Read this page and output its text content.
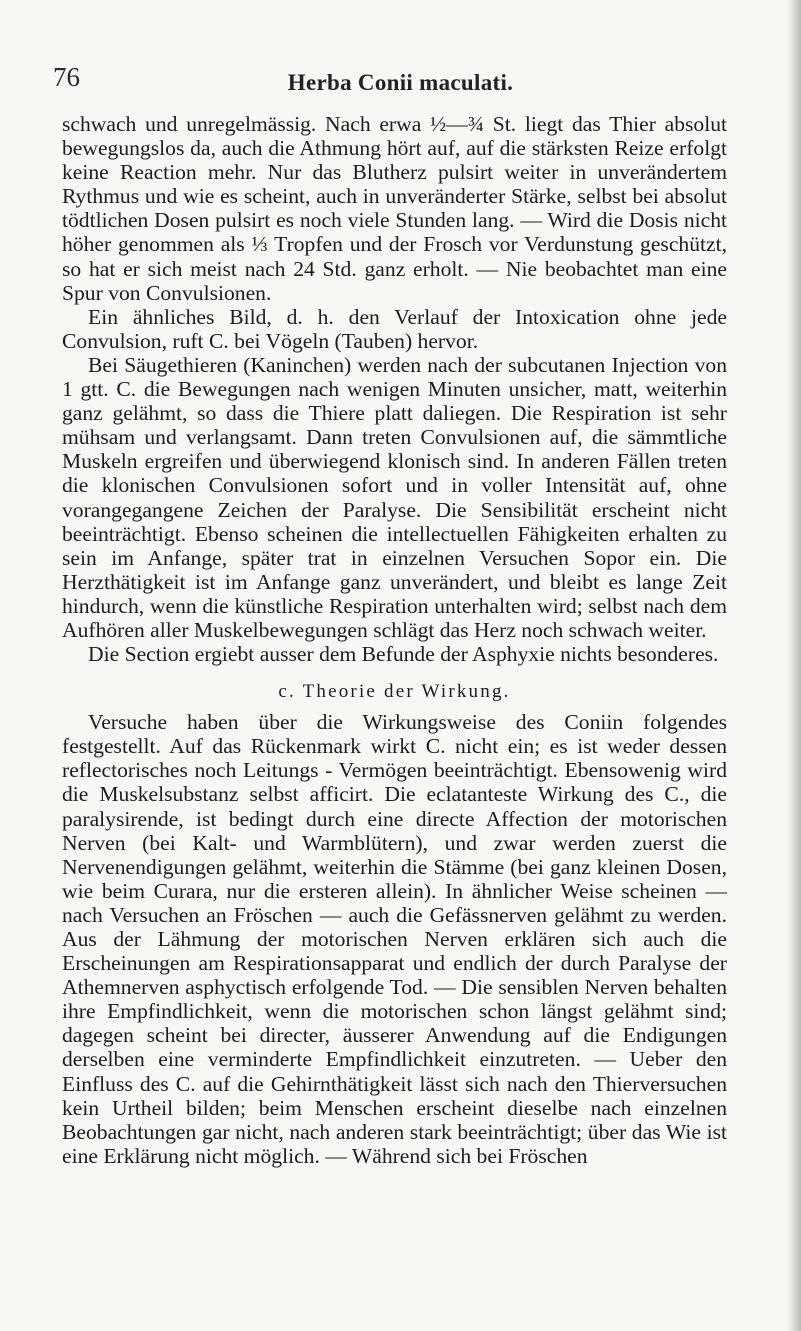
76	Herba Conii maculati.

schwach und unregelmässig. Nach erwa ½—¾ St. liegt das Thier absolut bewegungslos da, auch die Athmung hört auf, auf die stärksten Reize erfolgt keine Reaction mehr. Nur das Blutherz pulsirt weiter in unverändertem Rythmus und wie es scheint, auch in unveränderter Stärke, selbst bei absolut tödtlichen Dosen pulsirt es noch viele Stunden lang. — Wird die Dosis nicht höher genommen als ⅓ Tropfen und der Frosch vor Verdunstung geschützt, so hat er sich meist nach 24 Std. ganz erholt. — Nie beobachtet man eine Spur von Convulsionen.

Ein ähnliches Bild, d. h. den Verlauf der Intoxication ohne jede Convulsion, ruft C. bei Vögeln (Tauben) hervor.

Bei Säugethieren (Kaninchen) werden nach der subcutanen Injection von 1 gtt. C. die Bewegungen nach wenigen Minuten unsicher, matt, weiterhin ganz gelähmt, so dass die Thiere platt daliegen. Die Respiration ist sehr mühsam und verlangsamt. Dann treten Convulsionen auf, die sämmtliche Muskeln ergreifen und überwiegend klonisch sind. In anderen Fällen treten die klonischen Convulsionen sofort und in voller Intensität auf, ohne vorangegangene Zeichen der Paralyse. Die Sensibilität erscheint nicht beeinträchtigt. Ebenso scheinen die intellectuellen Fähigkeiten erhalten zu sein im Anfange, später trat in einzelnen Versuchen Sopor ein. Die Herzthätigkeit ist im Anfange ganz unverändert, und bleibt es lange Zeit hindurch, wenn die künstliche Respiration unterhalten wird; selbst nach dem Aufhören aller Muskelbewegungen schlägt das Herz noch schwach weiter.

Die Section ergiebt ausser dem Befunde der Asphyxie nichts besonderes.

c. Theorie der Wirkung.

Versuche haben über die Wirkungsweise des Coniin folgendes festgestellt. Auf das Rückenmark wirkt C. nicht ein; es ist weder dessen reflectorisches noch Leitungs - Vermögen beeinträchtigt. Ebensowenig wird die Muskelsubstanz selbst afficirt. Die eclatanteste Wirkung des C., die paralysirende, ist bedingt durch eine directe Affection der motorischen Nerven (bei Kalt- und Warmblütern), und zwar werden zuerst die Nervenendigungen gelähmt, weiterhin die Stämme (bei ganz kleinen Dosen, wie beim Curara, nur die ersteren allein). In ähnlicher Weise scheinen — nach Versuchen an Fröschen — auch die Gefässnerven gelähmt zu werden. Aus der Lähmung der motorischen Nerven erklären sich auch die Erscheinungen am Respirationsapparat und endlich der durch Paralyse der Athemnerven asphyctisch erfolgende Tod. — Die sensiblen Nerven behalten ihre Empfindlichkeit, wenn die motorischen schon längst gelähmt sind; dagegen scheint bei directer, äusserer Anwendung auf die Endigungen derselben eine verminderte Empfindlichkeit einzutreten. — Ueber den Einfluss des C. auf die Gehirnthätigkeit lässt sich nach den Thierversuchen kein Urtheil bilden; beim Menschen erscheint dieselbe nach einzelnen Beobachtungen gar nicht, nach anderen stark beeinträchtigt; über das Wie ist eine Erklärung nicht möglich. — Während sich bei Fröschen
